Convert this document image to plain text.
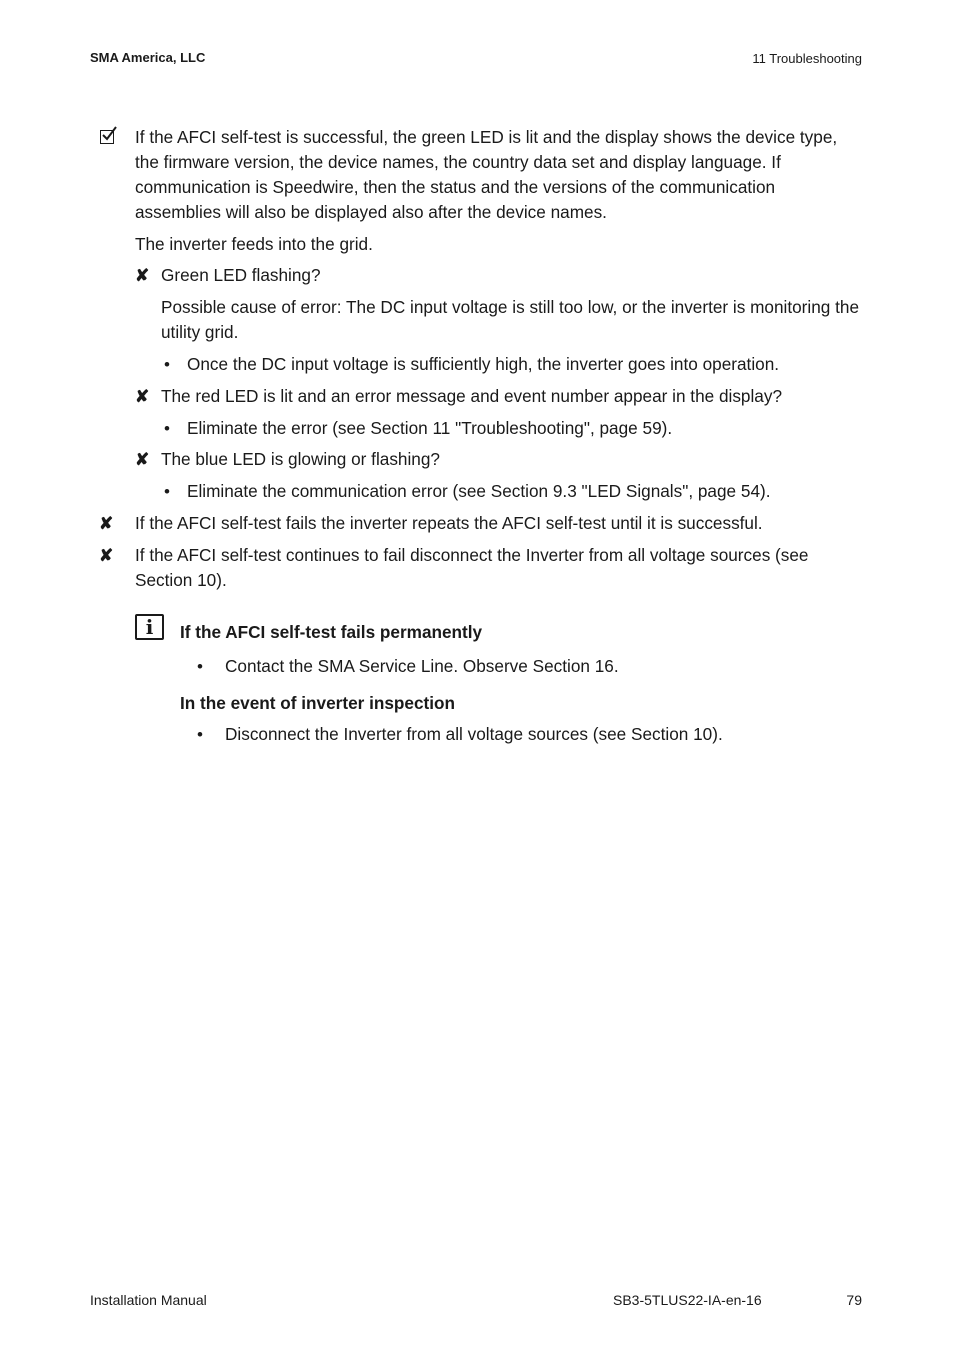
SMA America, LLC	11 Troubleshooting

If the AFCI self-test is successful, the green LED is lit and the display shows the device type, the firmware version, the device names, the country data set and display language. If communication is Speedwire, then the status and the versions of the communication assemblies will also be displayed also after the device names.

The inverter feeds into the grid.

✘ Green LED flashing?

Possible cause of error: The DC input voltage is still too low, or the inverter is monitoring the utility grid.

• Once the DC input voltage is sufficiently high, the inverter goes into operation.

✘ The red LED is lit and an error message and event number appear in the display?

• Eliminate the error (see Section 11 "Troubleshooting", page 59).

✘ The blue LED is glowing or flashing?

• Eliminate the communication error (see Section 9.3 "LED Signals", page 54).

✘ If the AFCI self-test fails the inverter repeats the AFCI self-test until it is successful.

✘ If the AFCI self-test continues to fail disconnect the Inverter from all voltage sources (see Section 10).

i	If the AFCI self-test fails permanently
• Contact the SMA Service Line. Observe Section 16.

In the event of inverter inspection
• Disconnect the Inverter from all voltage sources (see Section 10).

Installation Manual	SB3-5TLUS22-IA-en-16	79
